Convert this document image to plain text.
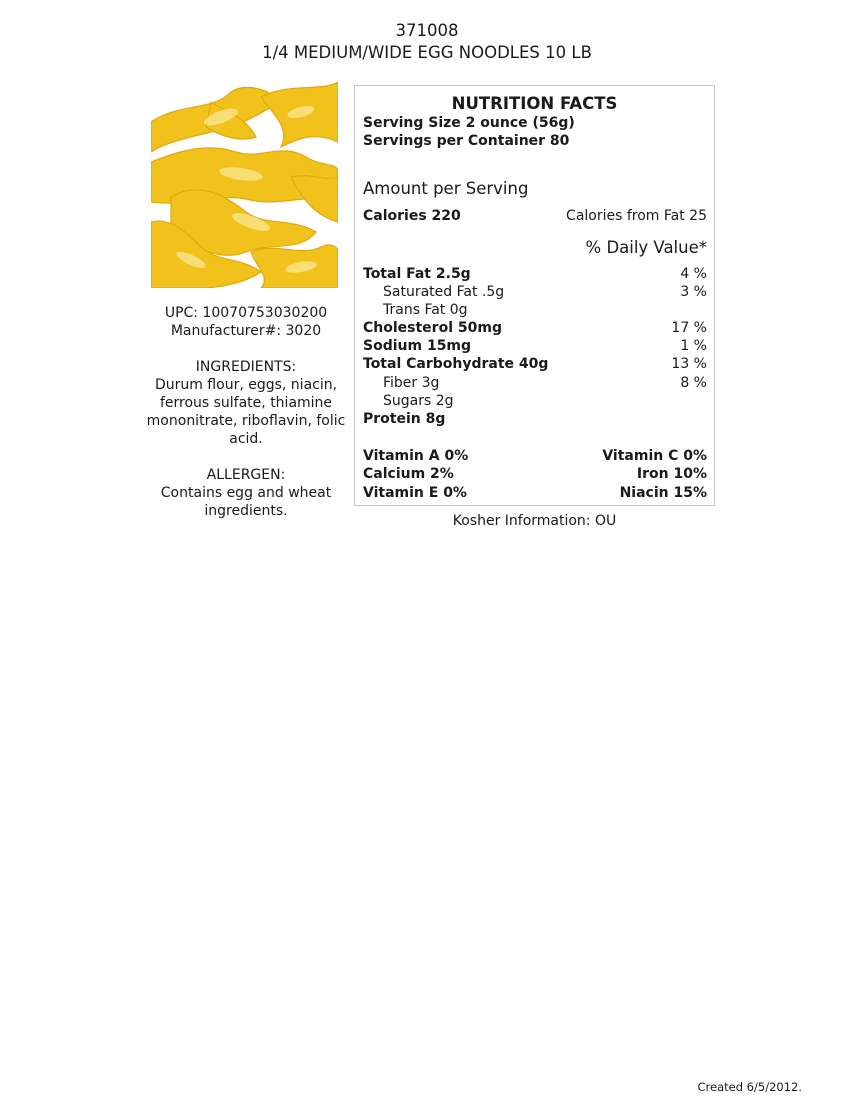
371008
1/4 MEDIUM/WIDE EGG NOODLES 10 LB

UPC: 10070753030200

Manufacturer#: 3020

INGREDIENTS:

Durum flour, eggs, niacin, ferrous sulfate, thiamine mononitrate, riboflavin, folic acid.

ALLERGEN:

Contains egg and wheat ingredients.

NUTRITION FACTS
Serving Size 2 ounce (56g)
Servings per Container 80
Amount per Serving
Calories 220	Calories from Fat 25
% Daily Value*
Total Fat 2.5g	4 %
Saturated Fat .5g	3 %
Trans Fat 0g
Cholesterol 50mg	17 %
Sodium 15mg	1 %
Total Carbohydrate 40g	13 %
Fiber 3g	8 %
Sugars 2g
Protein 8g
Vitamin A 0%	Vitamin C 0%
Calcium 2%	Iron 10%
Vitamin E 0%	Niacin 15%
Kosher Information: OU
Created 6/5/2012.
